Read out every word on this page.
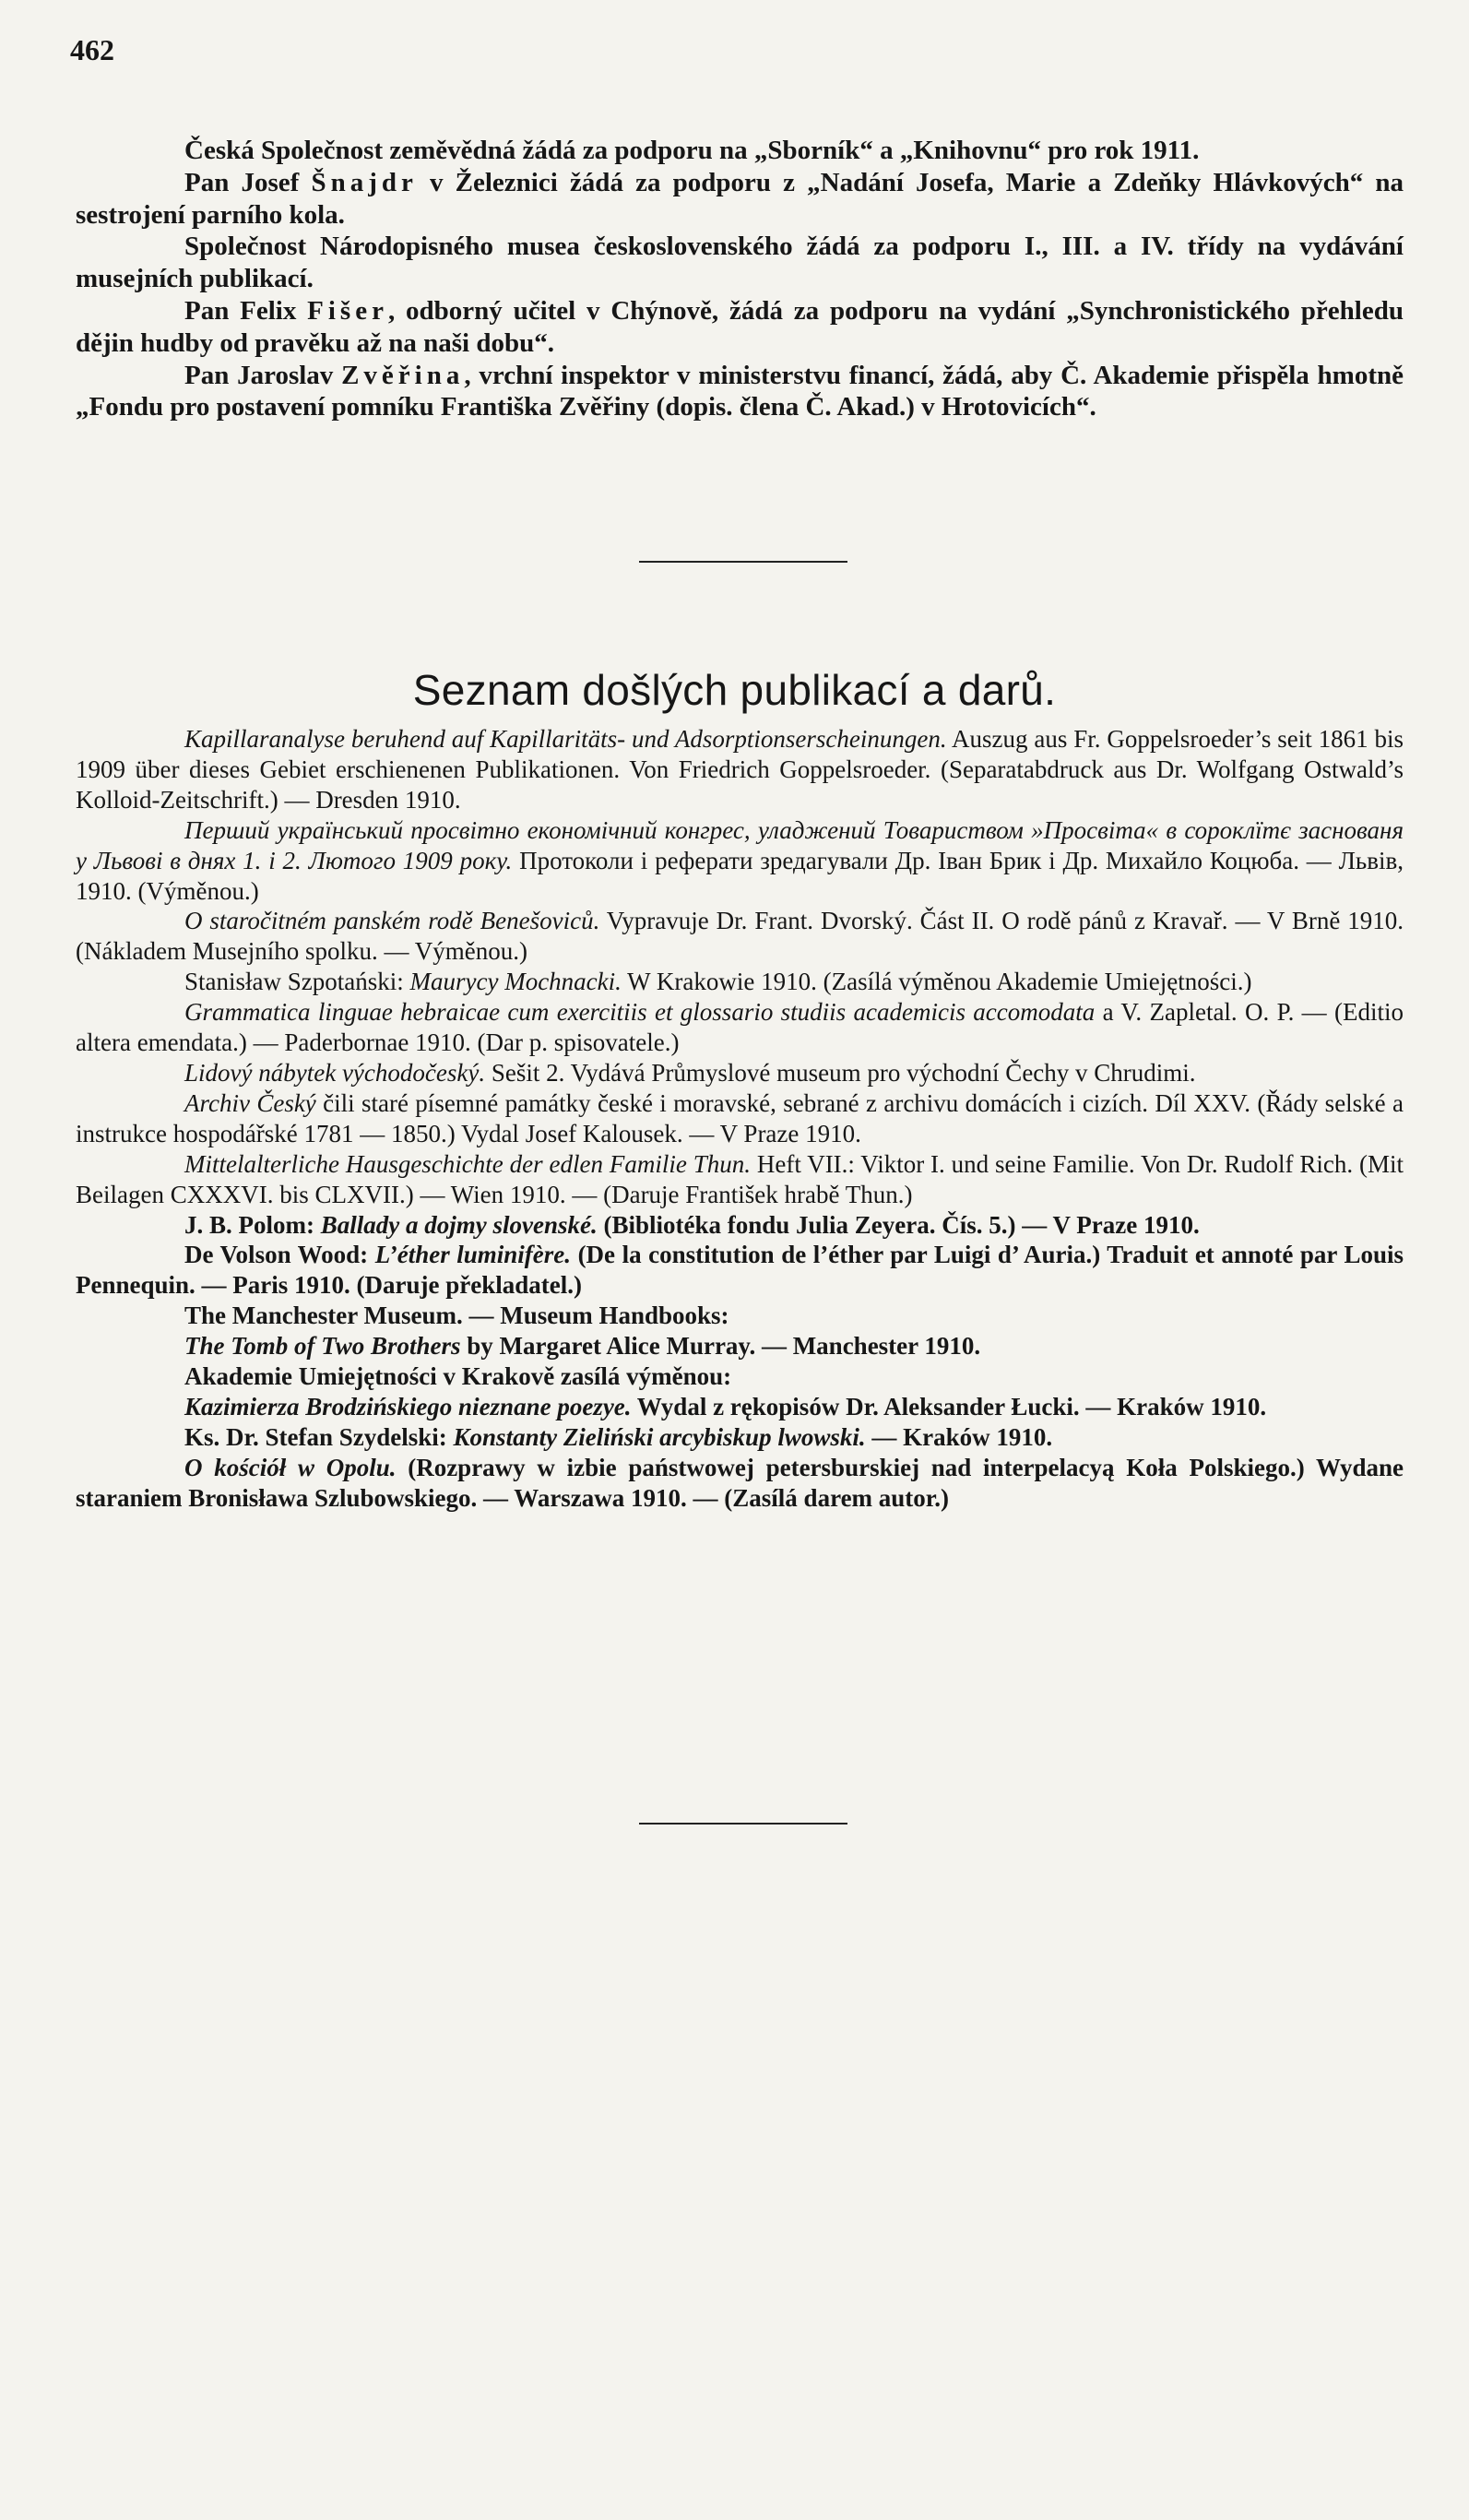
462

Česká Společnost zeměvědná žádá za podporu na „Sborník“ a „Knihovnu“ pro rok 1911.

Pan Josef Šnajdr v Železnici žádá za podporu z „Nadání Josefa, Marie a Zdeňky Hlávkových“ na sestrojení parního kola.

Společnost Národopisného musea československého žádá za podporu I., III. a IV. třídy na vydávání musejních publikací.

Pan Felix Fišer, odborný učitel v Chýnově, žádá za podporu na vydání „Synchronistického přehledu dějin hudby od pravěku až na naši dobu“.

Pan Jaroslav Zvěřina, vrchní inspektor v ministerstvu financí, žádá, aby Č. Akademie přispěla hmotně „Fondu pro postavení pomníku Františka Zvěřiny (dopis. člena Č. Akad.) v Hrotovicích“.

Seznam došlých publikací a darů.

Kapillaranalyse beruhend auf Kapillaritäts- und Adsorptionserscheinungen. Auszug aus Fr. Goppelsroeder’s seit 1861 bis 1909 über dieses Gebiet erschienenen Publikationen. Von Friedrich Goppelsroeder. (Separatabdruck aus Dr. Wolfgang Ostwald’s Kolloid-Zeitschrift.) — Dresden 1910.

Перший український просвітно економічний конгрес, уладжений Товариством »Просвіта« в сороклїтє заснованя у Львові в днях 1. і 2. Лютого 1909 року. Протоколи і реферати зредагували Др. Іван Брик і Др. Михайло Коцюба. — Львів, 1910. (Výměnou.)

O staročitném panském rodě Benešoviců. Vypravuje Dr. Frant. Dvorský. Část II. O rodě pánů z Kravař. — V Brně 1910. (Nákladem Musejního spolku. — Výměnou.)

Stanisław Szpotański: Maurycy Mochnacki. W Krakowie 1910. (Zasílá výměnou Akademie Umiejętności.)

Grammatica linguae hebraicae cum exercitiis et glossario studiis academicis accomodata a V. Zapletal. O. P. — (Editio altera emendata.) — Paderbornae 1910. (Dar p. spisovatele.)

Lidový nábytek východočeský. Sešit 2. Vydává Průmyslové museum pro východní Čechy v Chrudimi.

Archiv Český čili staré písemné památky české i moravské, sebrané z archivu domácích i cizích. Díl XXV. (Řády selské a instrukce hospodářské 1781 — 1850.) Vydal Josef Kalousek. — V Praze 1910.

Mittelalterliche Hausgeschichte der edlen Familie Thun. Heft VII.: Viktor I. und seine Familie. Von Dr. Rudolf Rich. (Mit Beilagen CXXXVI. bis CLXVII.) — Wien 1910. — (Daruje František hrabě Thun.)

J. B. Polom: Ballady a dojmy slovenské. (Bibliotéka fondu Julia Zeyera. Čís. 5.) — V Praze 1910.

De Volson Wood: L’éther luminifère. (De la constitution de l’éther par Luigi d’ Auria.) Traduit et annoté par Louis Pennequin. — Paris 1910. (Daruje překladatel.)

The Manchester Museum. — Museum Handbooks:

The Tomb of Two Brothers by Margaret Alice Murray. — Manchester 1910.

Akademie Umiejętności v Krakově zasílá výměnou:

Kazimierza Brodzińskiego nieznane poezye. Wydal z rękopisów Dr. Aleksander Łucki. — Kraków 1910.

Ks. Dr. Stefan Szydelski: Konstanty Zieliński arcybiskup lwowski. — Kraków 1910.

O kościół w Opolu. (Rozprawy w izbie państwowej petersburskiej nad interpelacyą Koła Polskiego.) Wydane staraniem Bronisława Szlubowskiego. — Warszawa 1910. — (Zasílá darem autor.)
